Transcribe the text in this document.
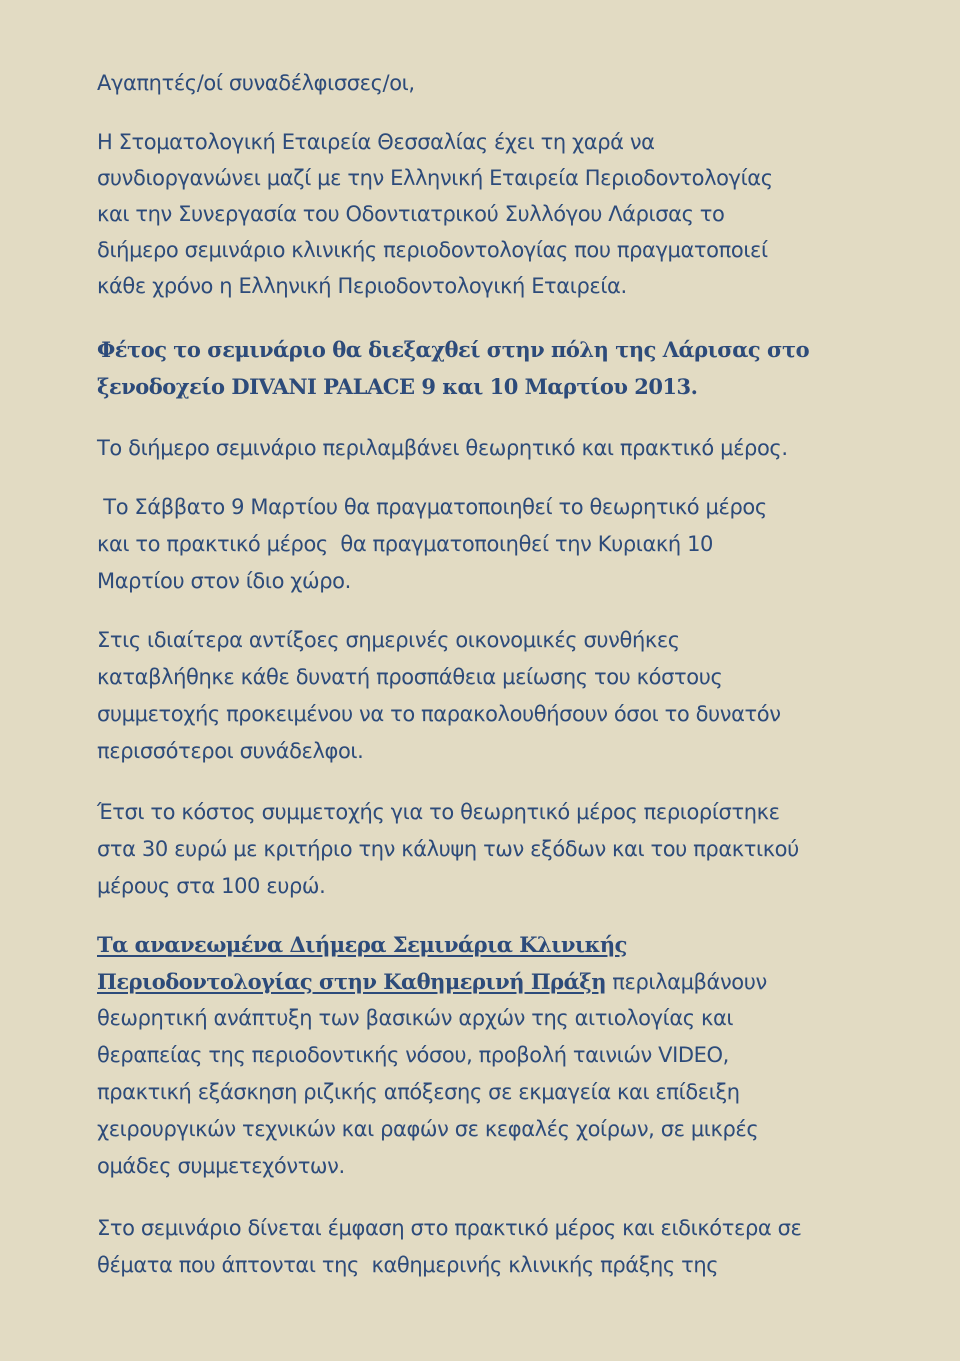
Αγαπητές/οί συναδέλφισσες/οι,
Η Στοματολογική Εταιρεία Θεσσαλίας έχει τη χαρά να
συνδιοργανώνει μαζί με την Ελληνική Εταιρεία Περιοδοντολογίας
και την Συνεργασία του Οδοντιατρικού Συλλόγου Λάρισας το
διήμερο σεμινάριο κλινικής περιοδοντολογίας που πραγματοποιεί
κάθε χρόνο η Ελληνική Περιοδοντολογική Εταιρεία.
Φέτος το σεμινάριο θα διεξαχθεί στην πόλη της Λάρισας στο
ξενοδοχείο DIVANI PALACE 9 και 10 Μαρτίου 2013.
Το διήμερο σεμινάριο περιλαμβάνει θεωρητικό και πρακτικό μέρος.
Το Σάββατο 9 Μαρτίου θα πραγματοποιηθεί το θεωρητικό μέρος
και το πρακτικό μέρος  θα πραγματοποιηθεί την Κυριακή 10
Μαρτίου στον ίδιο χώρο.
Στις ιδιαίτερα αντίξοες σημερινές οικονομικές συνθήκες
καταβλήθηκε κάθε δυνατή προσπάθεια μείωσης του κόστους
συμμετοχής προκειμένου να το παρακολουθήσουν όσοι το δυνατόν
περισσότεροι συνάδελφοι.
Έτσι το κόστος συμμετοχής για το θεωρητικό μέρος περιορίστηκε
στα 30 ευρώ με κριτήριο την κάλυψη των εξόδων και του πρακτικού
μέρους στα 100 ευρώ.
Τα ανανεωμένα Διήμερα Σεμινάρια Κλινικής
Περιοδοντολογίας στην Καθημερινή Πράξη περιλαμβάνουν
θεωρητική ανάπτυξη των βασικών αρχών της αιτιολογίας και
θεραπείας της περιοδοντικής νόσου, προβολή ταινιών VIDEO,
πρακτική εξάσκηση ριζικής απόξεσης σε εκμαγεία και επίδειξη
χειρουργικών τεχνικών και ραφών σε κεφαλές χοίρων, σε μικρές
ομάδες συμμετεχόντων.
Στο σεμινάριο δίνεται έμφαση στο πρακτικό μέρος και ειδικότερα σε
θέματα που άπτονται της  καθημερινής κλινικής πράξης της
